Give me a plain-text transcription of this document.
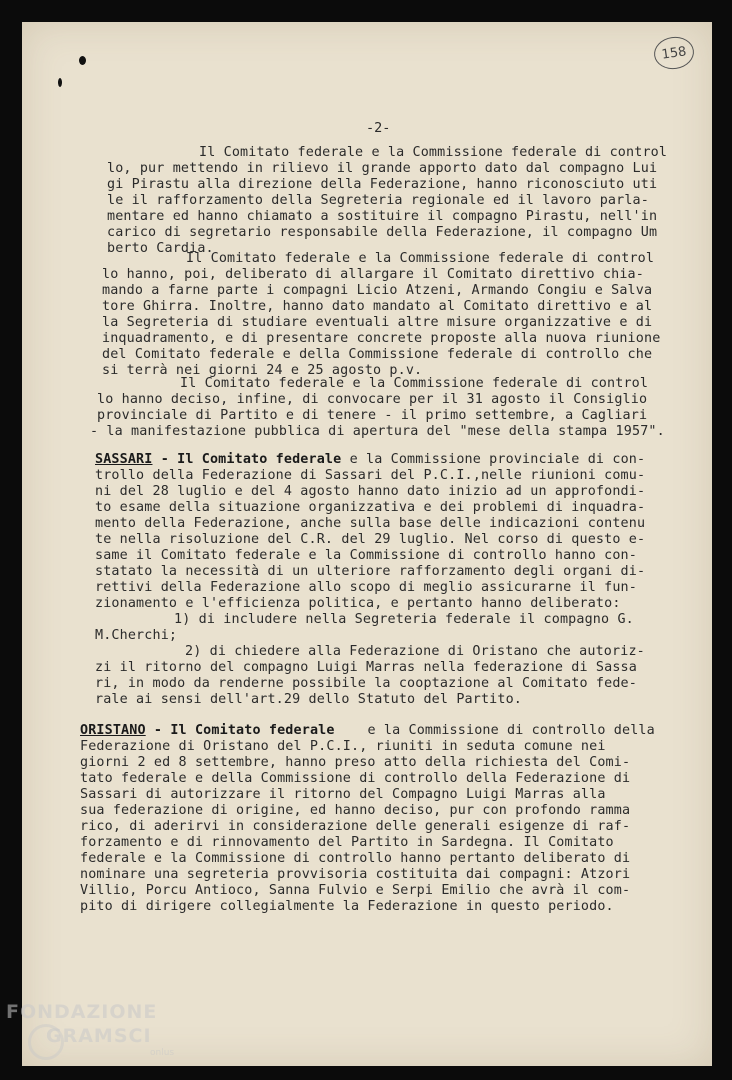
158
-2-
Il Comitato federale e la Commissione federale di control
lo, pur mettendo in rilievo il grande apporto dato dal compagno Lui
gi Pirastu alla direzione della Federazione, hanno riconosciuto uti
le il rafforzamento della Segreteria regionale ed il lavoro parla-
mentare ed hanno chiamato a sostituire il compagno Pirastu, nell'in
carico di segretario responsabile della Federazione, il compagno Um
berto Cardia.
Il Comitato federale e la Commissione federale di control
lo hanno, poi, deliberato di allargare il Comitato direttivo chia-
mando a farne parte i compagni Licio Atzeni, Armando Congiu e Salva
tore Ghirra. Inoltre, hanno dato mandato al Comitato direttivo e al
la Segreteria di studiare eventuali altre misure organizzative e di
inquadramento, e di presentare concrete proposte alla nuova riunione
del Comitato federale e della Commissione federale di controllo che
si terrà nei giorni 24 e 25 agosto p.v.
Il Comitato federale e la Commissione federale di control
lo hanno deciso, infine, di convocare per il 31 agosto il Consiglio
provinciale di Partito e di tenere - il primo settembre, a Cagliari
- la manifestazione pubblica di apertura del "mese della stampa 1957".
SASSARI - Il Comitato federale e la Commissione provinciale di con-
trollo della Federazione di Sassari del P.C.I.,nelle riunioni comu-
ni del 28 luglio e del 4 agosto hanno dato inizio ad un approfondi-
to esame della situazione organizzativa e dei problemi di inquadra-
mento della Federazione, anche sulla base delle indicazioni contenu
te nella risoluzione del C.R. del 29 luglio. Nel corso di questo e-
same il Comitato federale e la Commissione di controllo hanno con-
statato la necessità di un ulteriore rafforzamento degli organi di-
rettivi della Federazione allo scopo di meglio assicurarne il fun-
zionamento e l'efficienza politica, e pertanto hanno deliberato:
1) di includere nella Segreteria federale il compagno G.
M.Cherchi;
2) di chiedere alla Federazione di Oristano che autoriz-
zi il ritorno del compagno Luigi Marras nella federazione di Sassa
ri, in modo da renderne possibile la cooptazione al Comitato fede-
rale ai sensi dell'art.29 dello Statuto del Partito.
ORISTANO - Il Comitato federale e la Commissione di controllo della
Federazione di Oristano del P.C.I., riuniti in seduta comune nei
giorni 2 ed 8 settembre, hanno preso atto della richiesta del Comi-
tato federale e della Commissione di controllo della Federazione di
Sassari di autorizzare il ritorno del Compagno Luigi Marras alla
sua federazione di origine, ed hanno deciso, pur con profondo ramma
rico, di aderirvi in considerazione delle generali esigenze di raf-
forzamento e di rinnovamento del Partito in Sardegna. Il Comitato
federale e la Commissione di controllo hanno pertanto deliberato di
nominare una segreteria provvisoria costituita dai compagni: Atzori
Villio, Porcu Antioco, Sanna Fulvio e Serpi Emilio che avrà il com-
pito di dirigere collegialmente la Federazione in questo periodo.
FONDAZIONE
GRAMSCI
onlus
